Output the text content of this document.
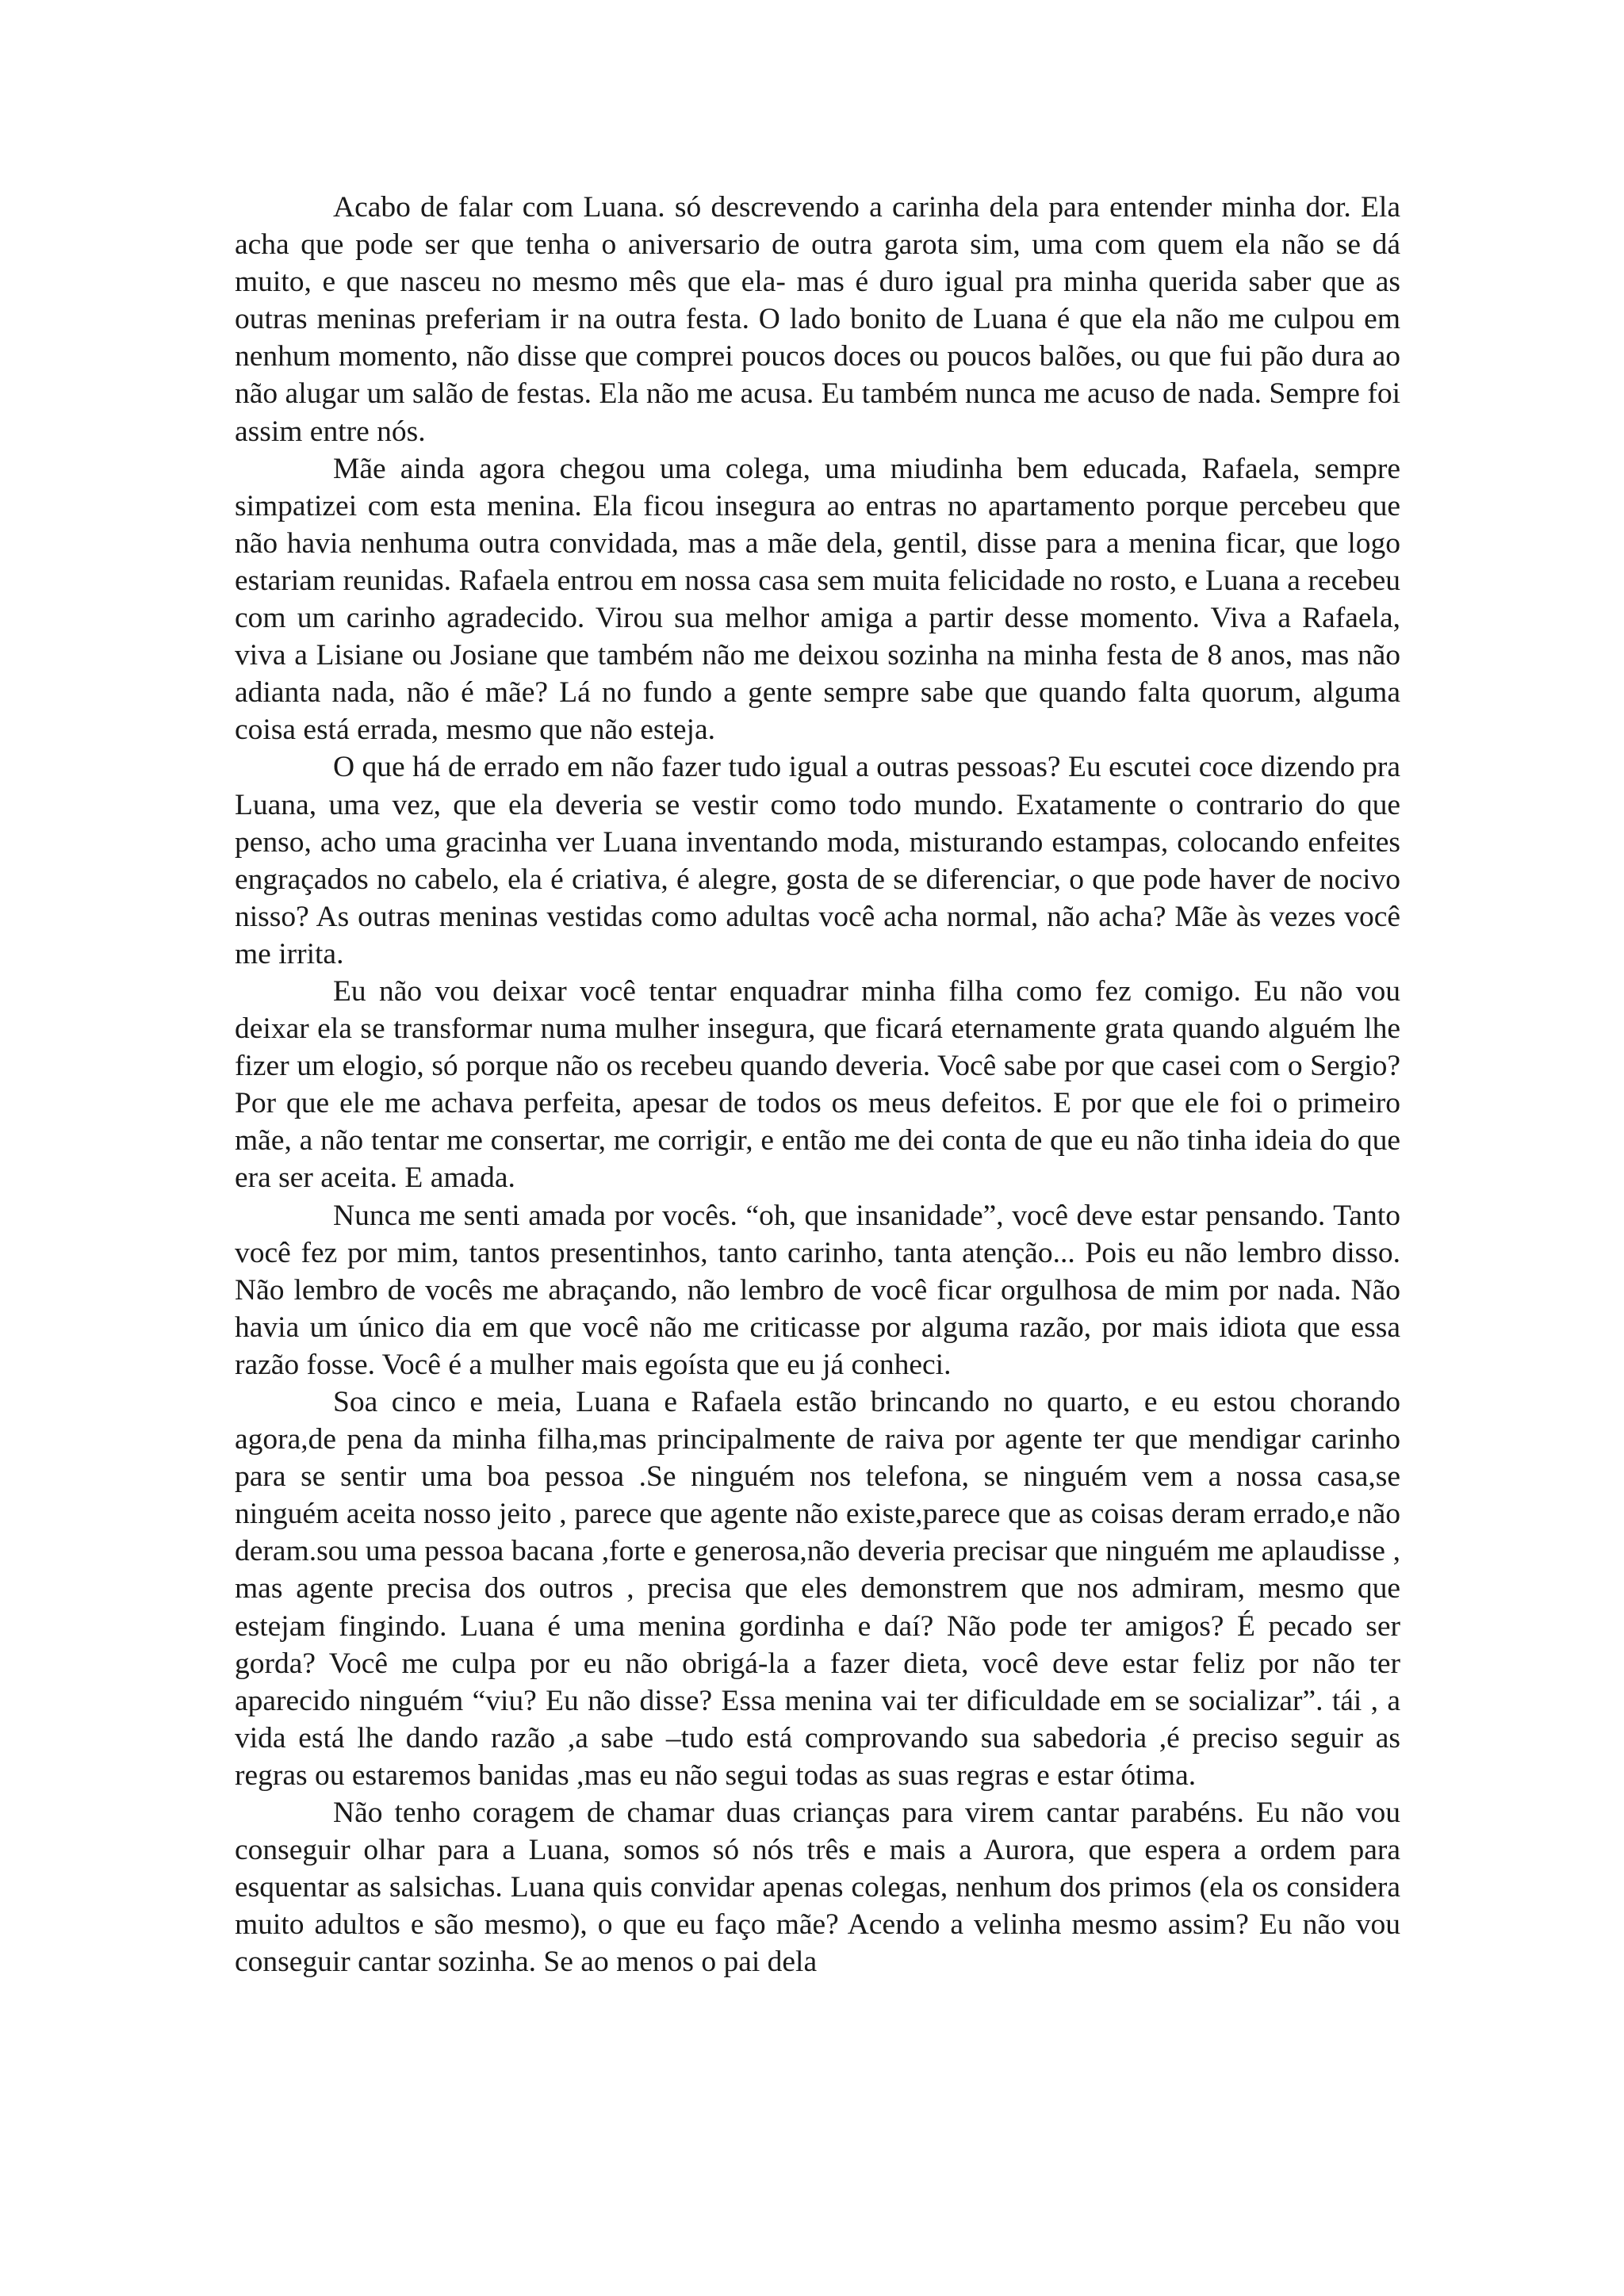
Acabo de falar com Luana. só descrevendo a carinha dela para entender minha dor. Ela acha que pode ser que tenha o aniversario de outra garota sim, uma com quem ela não se dá muito, e que nasceu no mesmo mês que ela- mas é duro igual pra minha querida saber que as outras meninas preferiam ir na outra festa. O lado bonito de Luana é que ela não me culpou em nenhum momento, não disse que comprei poucos doces ou poucos balões, ou que fui pão dura ao não alugar um salão de festas. Ela não me acusa. Eu também nunca me acuso de nada. Sempre foi assim entre nós.

Mãe ainda agora chegou uma colega, uma miudinha bem educada, Rafaela, sempre simpatizei com esta menina. Ela ficou insegura ao entras no apartamento porque percebeu que não havia nenhuma outra convidada, mas a mãe dela, gentil, disse para a menina ficar, que logo estariam reunidas. Rafaela entrou em nossa casa sem muita felicidade no rosto, e Luana a recebeu com um carinho agradecido. Virou sua melhor amiga a partir desse momento. Viva a Rafaela, viva a Lisiane ou Josiane que também não me deixou sozinha na minha festa de 8 anos, mas não adianta nada, não é mãe? Lá no fundo a gente sempre sabe que quando falta quorum, alguma coisa está errada, mesmo que não esteja.

O que há de errado em não fazer tudo igual a outras pessoas? Eu escutei coce dizendo pra Luana, uma vez, que ela deveria se vestir como todo mundo. Exatamente o contrario do que penso, acho uma gracinha ver Luana inventando moda, misturando estampas, colocando enfeites engraçados no cabelo, ela é criativa, é alegre, gosta de se diferenciar, o que pode haver de nocivo nisso? As outras meninas vestidas como adultas você acha normal, não acha? Mãe às vezes você me irrita.

Eu não vou deixar você tentar enquadrar minha filha como fez comigo. Eu não vou deixar ela se transformar numa mulher insegura, que ficará eternamente grata quando alguém lhe fizer um elogio, só porque não os recebeu quando deveria. Você sabe por que casei com o Sergio? Por que ele me achava perfeita, apesar de todos os meus defeitos. E por que ele foi o primeiro mãe, a não tentar me consertar, me corrigir, e então me dei conta de que eu não tinha ideia do que era ser aceita. E amada.

Nunca me senti amada por vocês. “oh, que insanidade”, você deve estar pensando. Tanto você fez por mim, tantos presentinhos, tanto carinho, tanta atenção... Pois eu não lembro disso. Não lembro de vocês me abraçando, não lembro de você ficar orgulhosa de mim por nada. Não havia um único dia em que você não me criticasse por alguma razão, por mais idiota que essa razão fosse. Você é a mulher mais egoísta que eu já conheci.

Soa cinco e meia, Luana e Rafaela estão brincando no quarto, e eu estou chorando agora,de pena da minha filha,mas principalmente de raiva por agente ter que mendigar carinho para se sentir uma boa pessoa .Se ninguém nos telefona, se ninguém vem a nossa casa,se ninguém aceita nosso jeito , parece que agente não existe,parece que as coisas deram errado,e não deram.sou uma pessoa bacana ,forte e generosa,não deveria precisar que ninguém me aplaudisse , mas agente precisa dos outros , precisa que eles demonstrem que nos admiram, mesmo que estejam fingindo. Luana é uma menina gordinha e daí? Não pode ter amigos? É pecado ser gorda? Você me culpa por eu não obrigá-la a fazer dieta, você deve estar feliz por não ter aparecido ninguém “viu? Eu não disse? Essa menina vai ter dificuldade em se socializar”. tái , a vida está lhe dando razão ,a sabe –tudo está comprovando sua sabedoria ,é preciso seguir as regras ou estaremos banidas ,mas eu não segui todas as suas regras e estar ótima.

Não tenho coragem de chamar duas crianças para virem cantar parabéns. Eu não vou conseguir olhar para a Luana, somos só nós três e mais a Aurora, que espera a ordem para esquentar as salsichas. Luana quis convidar apenas colegas, nenhum dos primos (ela os considera muito adultos e são mesmo), o que eu faço mãe? Acendo a velinha mesmo assim? Eu não vou conseguir cantar sozinha. Se ao menos o pai dela
